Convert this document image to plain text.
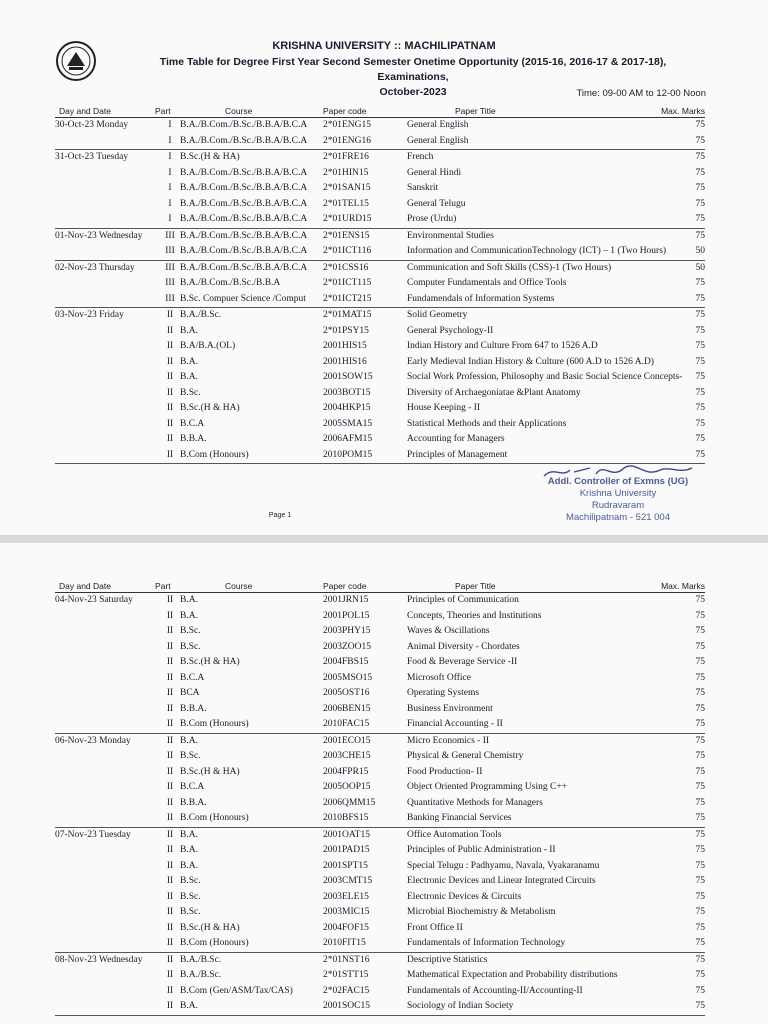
KRISHNA UNIVERSITY :: MACHILIPATNAM
Time Table for Degree First Year Second Semester Onetime Opportunity (2015-16, 2016-17 & 2017-18), Examinations,
October-2023	Time: 09-00 AM to 12-00 Noon
Day and Date	Part	Course	Paper code	Paper Title	Max. Marks
30-Oct-23 Monday	I B.A./B.Com./B.Sc./B.B.A/B.C.A	2*01ENG15	General English	75
I B.A./B.Com./B.Sc./B.B.A/B.C.A	2*01ENG16	General English	75
31-Oct-23 Tuesday	I B.Sc.(H & HA)	2*01FRE16	French	75
I B.A./B.Com./B.Sc./B.B.A/B.C.A	2*01HIN15	General Hindi	75
I B.A./B.Com./B.Sc./B.B.A/B.C.A	2*01SAN15	Sanskrit	75
I B.A./B.Com./B.Sc./B.B.A/B.C.A	2*01TEL15	General Telugu	75
I B.A./B.Com./B.Sc./B.B.A/B.C.A	2*01URD15	Prose (Urdu)	75
01-Nov-23 Wednesday	III B.A./B.Com./B.Sc./B.B.A/B.C.A	2*01ENS15	Environmental Studies	75
III B.A./B.Com./B.Sc./B.B.A/B.C.A	2*01ICT116	Information and CommunicationTechnology (ICT) – 1 (Two Hours)	50
02-Nov-23 Thursday	III B.A./B.Com./B.Sc./B.B.A/B.C.A	2*01CSS16	Communication and Soft Skills (CSS)-1 (Two Hours)	50
III B.A./B.Com./B.Sc./B.B.A	2*01ICT115	Computer Fundamentals and Office Tools	75
III B.Sc. Compuer Science /Comput	2*01ICT215	Fundamendals of Information Systems	75
03-Nov-23 Friday	II B.A./B.Sc.	2*01MAT15	Solid Geometry	75
II B.A.	2*01PSY15	General Psychology-II	75
II B.A/B.A.(OL)	2001HIS15	Indian History and Culture From 647 to 1526 A.D	75
II B.A.	2001HIS16	Early Medieval Indian History & Culture (600 A.D to 1526 A.D)	75
II B.A.	2001SOW15	Social Work Profession, Philosophy and Basic Social Science Concepts-	75
II B.Sc.	2003BOT15	Diversity of Archaegoniatae &Plant Anatomy	75
II B.Sc.(H & HA)	2004HKP15	House Keeping - II	75
II B.C.A	2005SMA15	Statistical Methods and their Applications	75
II B.B.A.	2006AFM15	Accounting for Managers	75
II B.Com (Honours)	2010POM15	Principles of Management	75
Addl. Controller of Exmns (UG)
Krishna University
Rudravaram
Machilipatnam - 521 004
Page 1
Day and Date	Part	Course	Paper code	Paper Title	Max. Marks
04-Nov-23 Saturday	II B.A.	2001JRN15	Principles of Communication	75
II B.A.	2001POL15	Concepts, Theories and Institutions	75
II B.Sc.	2003PHY15	Waves & Oscillations	75
II B.Sc.	2003ZOO15	Animal Diversity - Chordates	75
II B.Sc.(H & HA)	2004FBS15	Food & Beverage Service -II	75
II B.C.A	2005MSO15	Microsoft Office	75
II BCA	2005OST16	Operating Systems	75
II B.B.A.	2006BEN15	Business Environment	75
II B.Com (Honours)	2010FAC15	Financial Accounting - II	75
06-Nov-23 Monday	II B.A.	2001ECO15	Micro Economics - II	75
II B.Sc.	2003CHE15	Physical & General Chemistry	75
II B.Sc.(H & HA)	2004FPR15	Food Production- II	75
II B.C.A	2005OOP15	Object Oriented Programming Using C++	75
II B.B.A.	2006QMM15	Quantitative Methods for Managers	75
II B.Com (Honours)	2010BFS15	Banking Financial Services	75
07-Nov-23 Tuesday	II B.A.	2001OAT15	Office Automation Tools	75
II B.A.	2001PAD15	Principles of Public Administration - II	75
II B.A.	2001SPT15	Special Telugu : Padhyamu, Navala, Vyakaranamu	75
II B.Sc.	2003CMT15	Electronic Devices and Linear Integrated Circuits	75
II B.Sc.	2003ELE15	Electronic Devices & Circuits	75
II B.Sc.	2003MIC15	Microbial Biochemistry & Metabolism	75
II B.Sc.(H & HA)	2004FOF15	Front Office II	75
II B.Com (Honours)	2010FIT15	Fundamentals of Information Technology	75
08-Nov-23 Wednesday	II B.A./B.Sc.	2*01NST16	Descriptive Statistics	75
II B.A./B.Sc.	2*01STT15	Mathematical Expectation and Probability distributions	75
II B.Com (Gen/ASM/Tax/CAS)	2*02FAC15	Fundamentals of Accounting-II/Accounting-II	75
II B.A.	2001SOC15	Sociology of Indian Society	75
